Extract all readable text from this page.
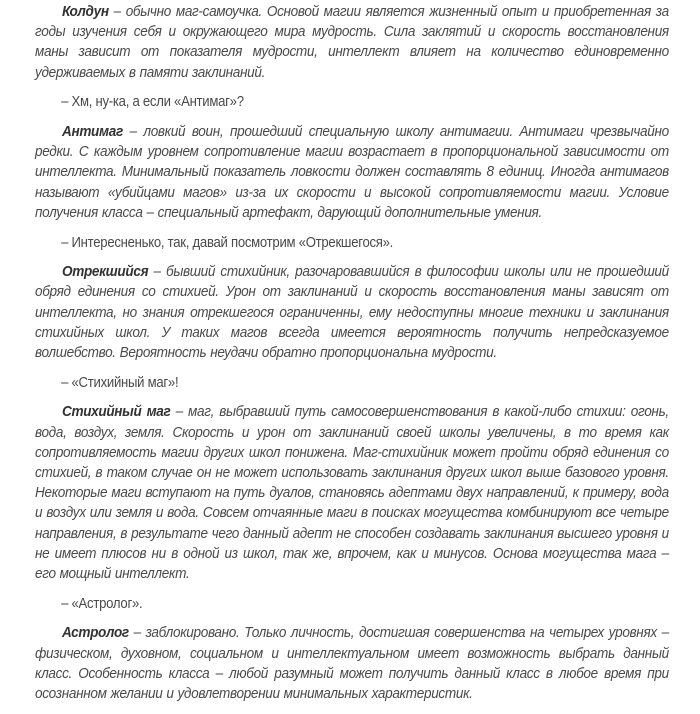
Колдун – обычно маг-самоучка. Основой магии является жизненный опыт и приобретенная за годы изучения себя и окружающего мира мудрость. Сила заклятий и скорость восстановления маны зависит от показателя мудрости, интеллект влияет на количество единовременно удерживаемых в памяти заклинаний.

– Хм, ну-ка, а если «Антимаг»?

Антимаг – ловкий воин, прошедший специальную школу антимагии. Антимаги чрезвычайно редки. С каждым уровнем сопротивление магии возрастает в пропорциональной зависимости от интеллекта. Минимальный показатель ловкости должен составлять 8 единиц. Иногда антимагов называют «убийцами магов» из-за их скорости и высокой сопротивляемости магии. Условие получения класса – специальный артефакт, дарующий дополнительные умения.

– Интересненько, так, давай посмотрим «Отрекшегося».

Отрекшийся – бывший стихийник, разочаровавшийся в философии школы или не прошедший обряд единения со стихией. Урон от заклинаний и скорость восстановления маны зависят от интеллекта, но знания отрекшегося ограниченны, ему недоступны многие техники и заклинания стихийных школ. У таких магов всегда имеется вероятность получить непредсказуемое волшебство. Вероятность неудачи обратно пропорциональна мудрости.

– «Стихийный маг»!

Стихийный маг – маг, выбравший путь самосовершенствования в какой-либо стихии: огонь, вода, воздух, земля. Скорость и урон от заклинаний своей школы увеличены, в то время как сопротивляемость магии других школ понижена. Маг-стихийник может пройти обряд единения со стихией, в таком случае он не может использовать заклинания других школ выше базового уровня. Некоторые маги вступают на путь дуалов, становясь адептами двух направлений, к примеру, вода и воздух или земля и вода. Совсем отчаянные маги в поисках могущества комбинируют все четыре направления, в результате чего данный адепт не способен создавать заклинания высшего уровня и не имеет плюсов ни в одной из школ, так же, впрочем, как и минусов. Основа могущества мага – его мощный интеллект.

– «Астролог».

Астролог – заблокировано. Только личность, достигшая совершенства на четырех уровнях – физическом, духовном, социальном и интеллектуальном имеет возможность выбрать данный класс. Особенность класса – любой разумный может получить данный класс в любое время при осознанном желании и удовлетворении минимальных характеристик.
